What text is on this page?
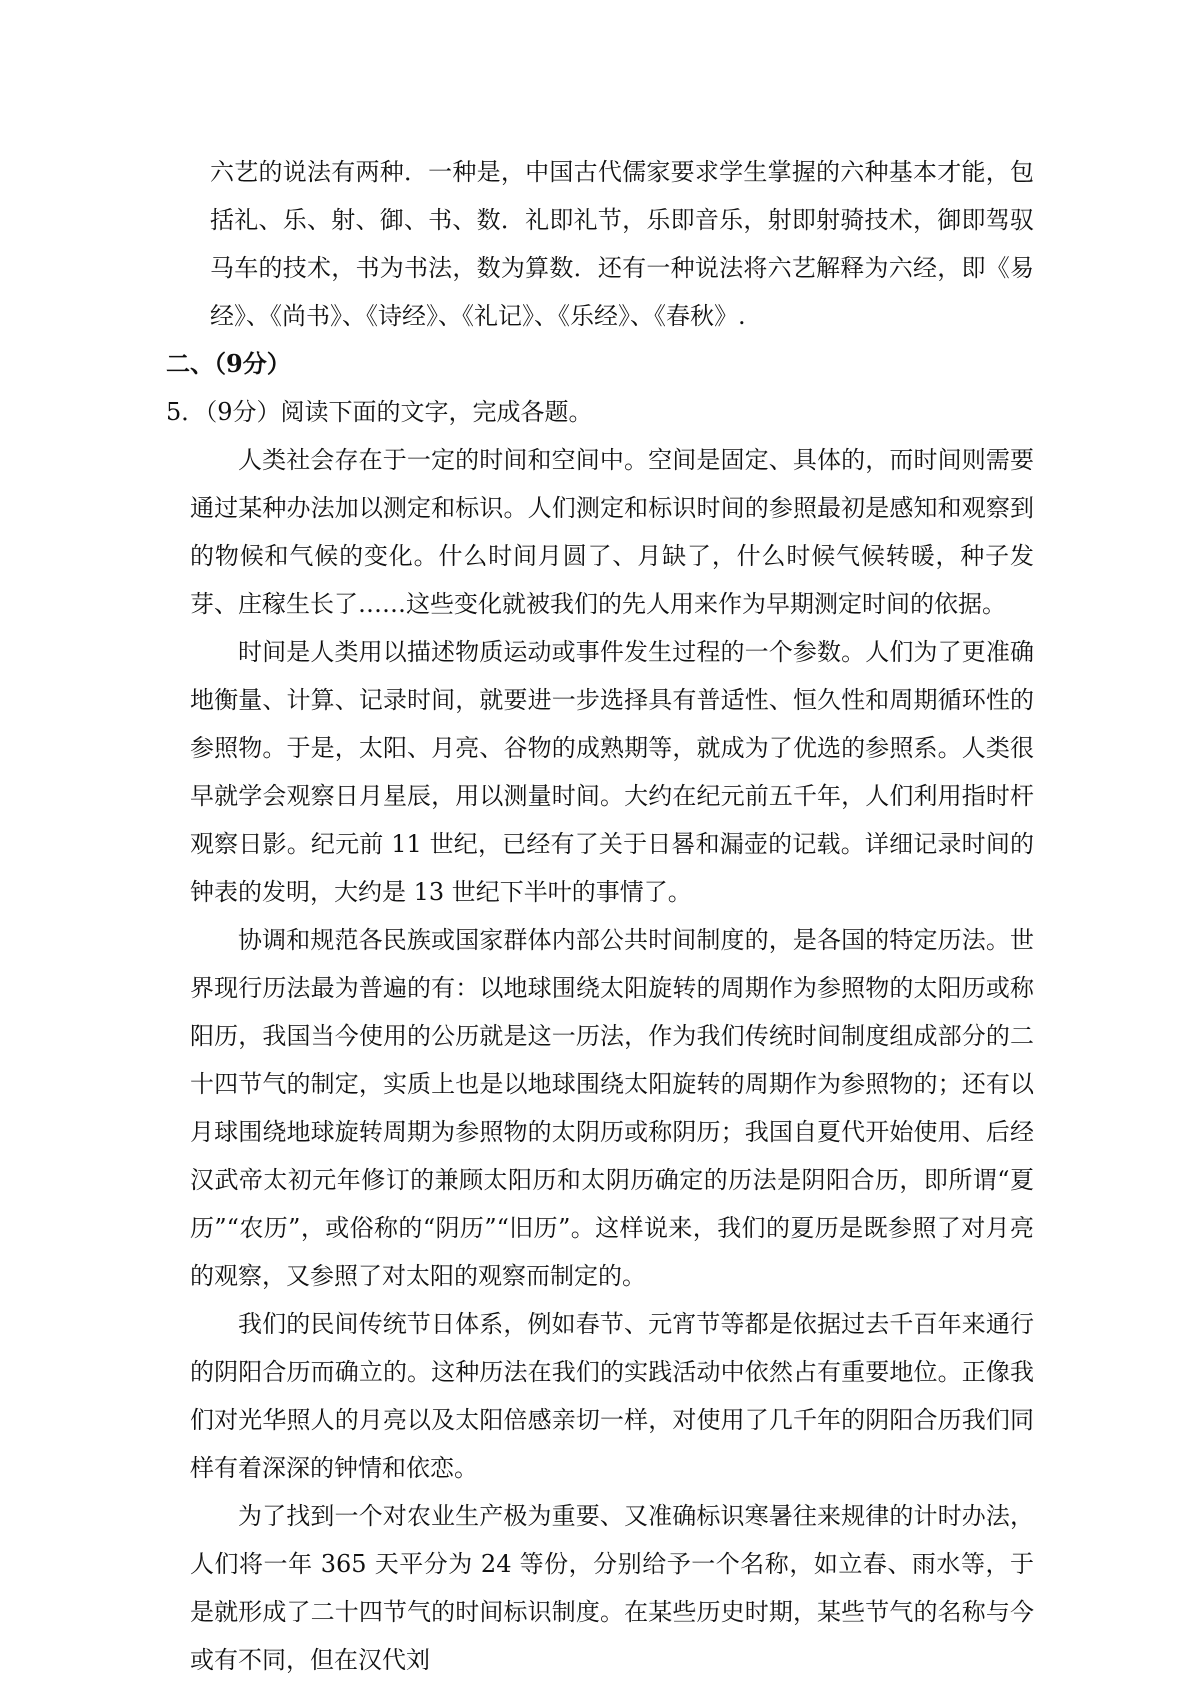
六艺的说法有两种．一种是，中国古代儒家要求学生掌握的六种基本才能，包括礼、乐、射、御、书、数．礼即礼节，乐即音乐，射即射骑技术，御即驾驭马车的技术，书为书法，数为算数．还有一种说法将六艺解释为六经，即《易经》、《尚书》、《诗经》、《礼记》、《乐经》、《春秋》.

二、（9分）

5．（9分）阅读下面的文字，完成各题。

人类社会存在于一定的时间和空间中。空间是固定、具体的，而时间则需要通过某种办法加以测定和标识。人们测定和标识时间的参照最初是感知和观察到的物候和气候的变化。什么时间月圆了、月缺了，什么时候气候转暖，种子发芽、庄稼生长了……这些变化就被我们的先人用来作为早期测定时间的依据。

时间是人类用以描述物质运动或事件发生过程的一个参数。人们为了更准确地衡量、计算、记录时间，就要进一步选择具有普适性、恒久性和周期循环性的参照物。于是，太阳、月亮、谷物的成熟期等，就成为了优选的参照系。人类很早就学会观察日月星辰，用以测量时间。大约在纪元前五千年，人们利用指时杆观察日影。纪元前 11 世纪，已经有了关于日晷和漏壶的记载。详细记录时间的钟表的发明，大约是 13 世纪下半叶的事情了。

协调和规范各民族或国家群体内部公共时间制度的，是各国的特定历法。世界现行历法最为普遍的有：以地球围绕太阳旋转的周期作为参照物的太阳历或称阳历，我国当今使用的公历就是这一历法，作为我们传统时间制度组成部分的二十四节气的制定，实质上也是以地球围绕太阳旋转的周期作为参照物的；还有以月球围绕地球旋转周期为参照物的太阴历或称阴历；我国自夏代开始使用、后经汉武帝太初元年修订的兼顾太阳历和太阴历确定的历法是阴阳合历，即所谓“夏历”“农历”，或俗称的“阴历”“旧历”。这样说来，我们的夏历是既参照了对月亮的观察，又参照了对太阳的观察而制定的。

我们的民间传统节日体系，例如春节、元宵节等都是依据过去千百年来通行的阴阳合历而确立的。这种历法在我们的实践活动中依然占有重要地位。正像我们对光华照人的月亮以及太阳倍感亲切一样，对使用了几千年的阴阳合历我们同样有着深深的钟情和依恋。

为了找到一个对农业生产极为重要、又准确标识寒暑往来规律的计时办法，人们将一年 365 天平分为 24 等份，分别给予一个名称，如立春、雨水等，于是就形成了二十四节气的时间标识制度。在某些历史时期，某些节气的名称与今或有不同，但在汉代刘
